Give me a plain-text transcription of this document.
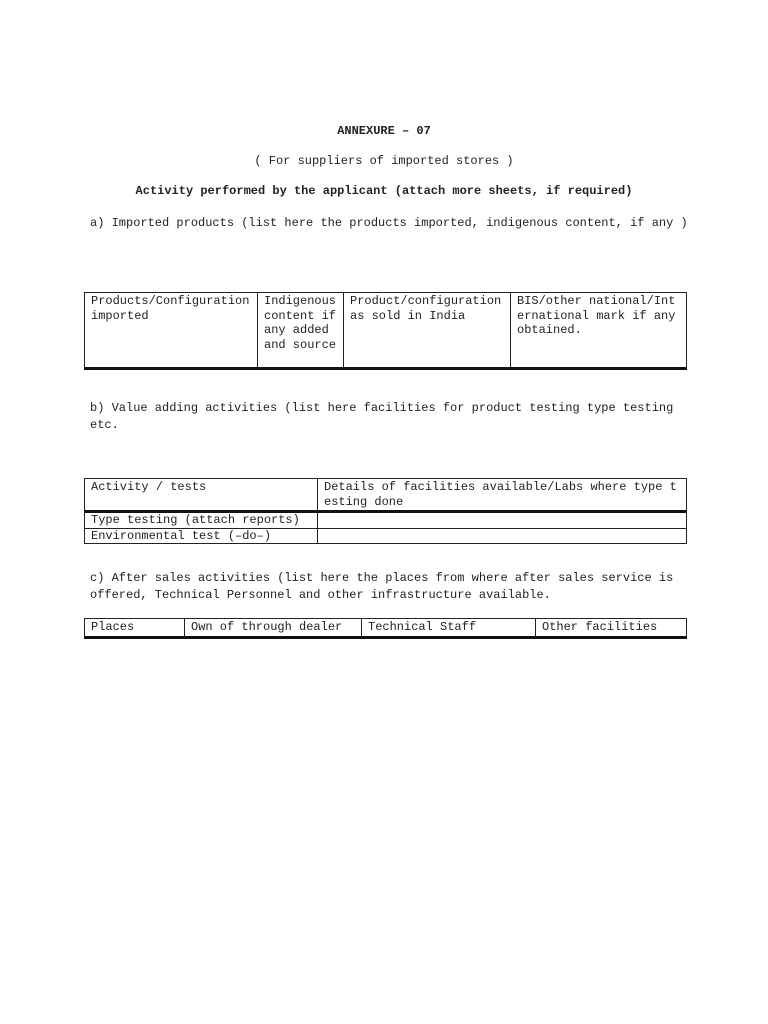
ANNEXURE – 07
( For suppliers of imported stores )
Activity performed by the applicant (attach more sheets, if required)
a) Imported products (list here the products imported, indigenous content, if any )
Products/Configuration imported	Indigenous content if any added and source	Product/configuration as sold in India	BIS/other national/International mark if any obtained.
b) Value adding activities (list here facilities for product testing type testing etc.
Activity / tests	Details of facilities available/Labs where type testing done
Type testing (attach reports)	
Environmental test (–do–)	
c) After sales activities (list here the places from where after sales service is offered, Technical Personnel and other infrastructure available.
Places	Own of through dealer	Technical Staff	Other facilities
